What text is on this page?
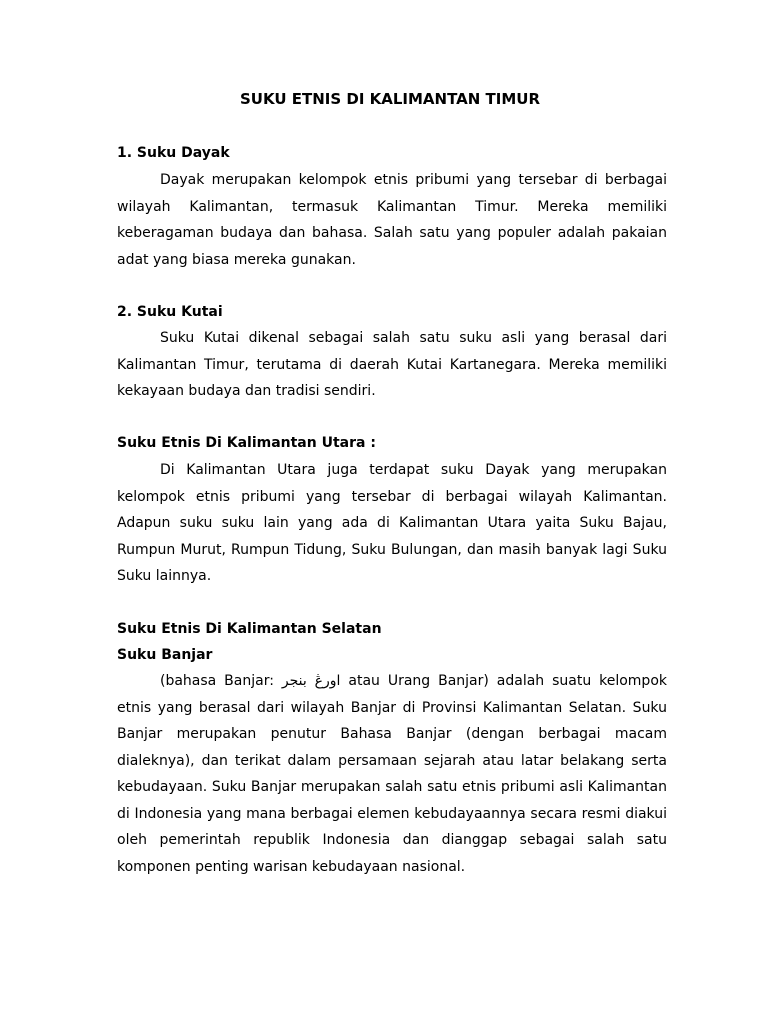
SUKU ETNIS DI KALIMANTAN TIMUR
1. Suku Dayak
Dayak merupakan kelompok etnis pribumi yang tersebar di berbagai wilayah Kalimantan, termasuk Kalimantan Timur. Mereka memiliki keberagaman budaya dan bahasa. Salah satu yang populer adalah pakaian adat yang biasa mereka gunakan.
2. Suku Kutai
Suku Kutai dikenal sebagai salah satu suku asli yang berasal dari Kalimantan Timur, terutama di daerah Kutai Kartanegara. Mereka memiliki kekayaan budaya dan tradisi sendiri.
Suku Etnis Di Kalimantan Utara :
Di Kalimantan Utara juga terdapat suku Dayak yang merupakan kelompok etnis pribumi yang tersebar di berbagai wilayah Kalimantan. Adapun suku suku lain yang ada di Kalimantan Utara yaita Suku Bajau, Rumpun Murut, Rumpun Tidung, Suku Bulungan, dan masih banyak lagi Suku Suku lainnya.
Suku Etnis Di Kalimantan Selatan
Suku Banjar
(bahasa Banjar: اورڠ بنجر atau Urang Banjar) adalah suatu kelompok etnis yang berasal dari wilayah Banjar di Provinsi Kalimantan Selatan. Suku Banjar merupakan penutur Bahasa Banjar (dengan berbagai macam dialeknya), dan terikat dalam persamaan sejarah atau latar belakang serta kebudayaan. Suku Banjar merupakan salah satu etnis pribumi asli Kalimantan di Indonesia yang mana berbagai elemen kebudayaannya secara resmi diakui oleh pemerintah republik Indonesia dan dianggap sebagai salah satu komponen penting warisan kebudayaan nasional.
